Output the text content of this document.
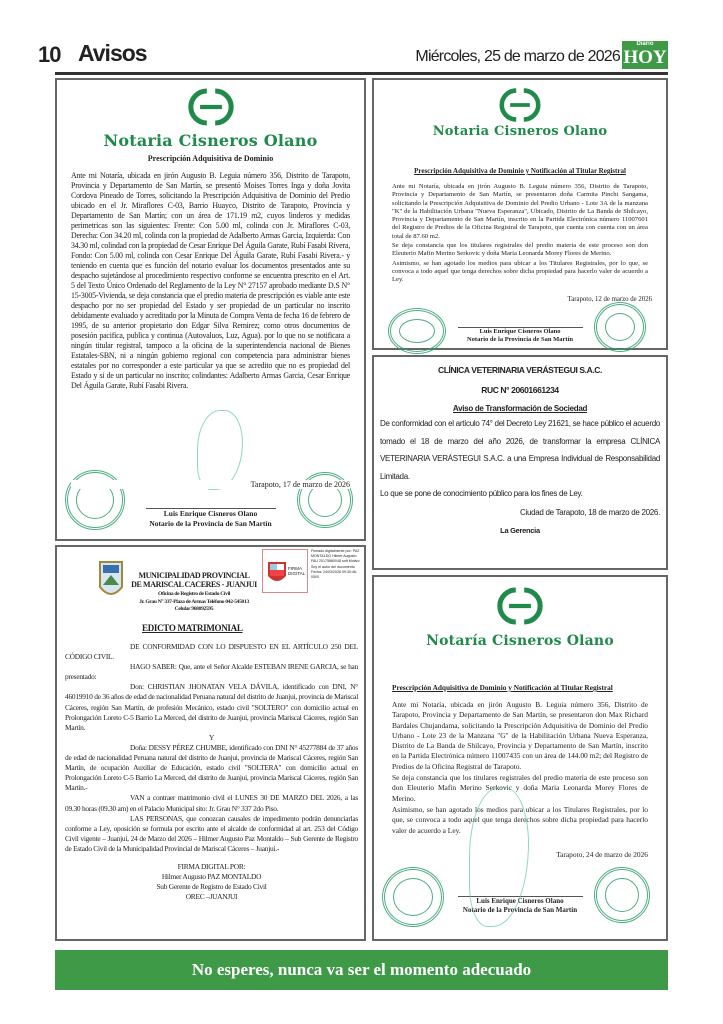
10 Avisos	Miércoles, 25 de marzo de 2026
Diario
HOY
Notaria Cisneros Olano
Prescripción Adquisitiva de Dominio
Ante mi Notaría, ubicada en jirón Augusto B. Leguia número 356, Distrito de Tarapoto, Provincia y Departamento de San Martín, se presentó Moises Torres Inga y doña Jovita Cordova Pineado de Torres, solicitando la Prescripción Adquisitiva de Dominio del Predio ubicado en el Jr. Miraflores C-03, Barrio Huayco, Distrito de Tarapoto, Provincia y Departamento de San Martín; con un área de 171.19 m2, cuyos linderos y medidas perimetricas son las siguientes: Frente: Con 5.00 ml, colinda con Jr. Miraflores C-03, Derecha: Con 34.20 ml, colinda con la propiedad de Adalberto Armas Garcia, Izquierda: Con 34.30 ml, colindad con la propiedad de Cesar Enrique Del Águila Garate, Rubí Fasabi Rivera, Fondo: Con 5.00 ml, colinda con Cesar Enrique Del Águila Garate, Rubí Fasabi Rivera.- y teniendo en cuenta que es función del notario evaluar los documentos presentados ante su despacho sujetándose al procedimiento respectivo conforme se encuentra prescrito en el Art. 5 del Texto Único Ordenado del Reglamento de la Ley N° 27157 aprobado mediante D.S N° 15-3005-Vivienda, se deja constancia que el predio materia de prescripción es viable ante este despacho por no ser propiedad del Estado y ser propiedad de un particular no inscrito debidamente evaluado y acreditado por la Minuta de Compra Venta de fecha 16 de febrero de 1995, de su anterior propietario don Edgar Silva Remirez; como otros documentos de posesión pacifica, publica y continua (Autovaluos, Luz, Agua). por lo que no se notificara a ningún titular registral, tampoco a la oficina de la superintendencia nacional de Bienes Estatales-SBN, ni a ningún gobierno regional con competencia para administrar bienes estatales por no corresponder a este particular ya que se acredito que no es propiedad del Estado y si de un particular no inscrito; colindantes: Adalberto Armas Garcia, Cesar Enrique Del Águila Garate, Rubí Fasabi Rivera.
Tarapoto, 17 de marzo de 2026
Luis Enrique Cisneros Olano
Notario de la Provincia de San Martín
Notaria Cisneros Olano
Prescripción Adquisitiva de Dominio y Notificación al Titular Registral

Ante mi Notaría, ubicada en jirón Augusto B. Leguia número 356, Distrito de Tarapoto, Provincia y Departamento de San Martín, se presentaron doña Carmita Pinchi Sangama, solicitando la Prescripción Adquisitiva de Dominio del Predio Urbano - Lote 3A de la manzana "K" de la Habilitación Urbana "Nueva Esperanza", Ubicado, Distrito de La Banda de Shilcayo, Provincia y Departamento de San Martín, inscrito en la Partida Electrónica número 11007601 del Registro de Predios de la Oficina Registral de Tarapoto, que cuenta con cuenta con un área total de 87.60 m2.

Se deja constancia que los titulares registrales del predio materia de este proceso son don Eleuterio Mafin Merino Serkovic y doña Maria Leonarda Morey Flores de Merino.

Asimismo, se han agotado los medios para ubicar a los Titulares Registrales, por lo que, se convoca a todo aquel que tenga derechos sobre dicha propiedad para hacerlo valer de acuerdo a Ley.

Tarapoto, 12 de marzo de 2026
Luis Enrique Cisneros Olano
Notario de la Provincia de San Martín
CLÍNICA VETERINARIA VERÁSTEGUI S.A.C.
RUC N° 20601661234
Aviso de Transformación de Sociedad
De conformidad con el artículo 74° del Decreto Ley 21621, se hace público el acuerdo tomado el 18 de marzo del año 2026, de transformar la empresa CLÍNICA VETERINARIA VERÁSTEGUI S.A.C. a una Empresa Individual de Responsabilidad Limitada.
Lo que se pone de conocimiento público para los fines de Ley.
Ciudad de Tarapoto, 18 de marzo de 2026.
La Gerencia
MUNICIPALIDAD PROVINCIAL
DE MARISCAL CACERES - JUANJUI
Oficina de Registro de Estado Civil
Jr. Grau N° 337-Plaza de Armas Teléfono 042-545013
Celular 968092595
FIRMA DIGITAL
Firmado digitalmente por: PAZ MONTALDO Hilmer Augusto FAU 20175880048 soft Motivo: Soy el autor del documento Fecha: 24/03/2026 09:30:46-0500
EDICTO MATRIMONIAL

DE CONFORMIDAD CON LO DISPUESTO EN EL ARTÍCULO 250 DEL CÓDIGO CIVIL.

HAGO SABER: Que, ante el Señor Alcalde ESTEBAN IRENE GARCIA, se han presentado:

Don: CHRISTIAN JHONATAN VELA DÁVILA, identificado con DNI, N° 46019910 de 36 años de edad de nacionalidad Peruana natural del distrito de Juanjui, provincia de Mariscal Cáceres, región San Martín, de profesión Mecánico, estado civil "SOLTERO" con domicilio actual en Prolongación Loreto C-5 Barrio La Merced, del distrito de Juanjui, provincia Mariscal Cáceres, región San Martín.

Y

Doña: DESSY PÉREZ CHUMBE, identificado con DNI N° 45277884 de 37 años de edad de nacionalidad Peruana natural del distrito de Juanjui, provincia de Mariscal Cáceres, región San Martín, de ocupación Auxiliar de Educación, estado civil "SOLTERA" con domicilio actual en Prolongación Loreto C-5 Barrio La Merced, del distrito de Juanjui, provincia Mariscal Cáceres, región San Martín.-

VAN a contraer matrimonio civil el LUNES 30 DE MARZO DEL 2026, a las 09.30 horas (09.30 am) en el Palacio Municipal sito: Jr. Grau N° 337 2do Piso.

LAS PERSONAS, que conozcan causales de impedimento podrán denunciarlas conforme a Ley, oposición se formula por escrito ante el alcalde de conformidad al art. 253 del Código Civil vigente – Juanjui, 24 de Marzo del 2026 – Hilmer Augusto Paz Montaldo – Sub Gerente de Registro de Estado Civil de la Municipalidad Provincial de Mariscal Cáceres – Juanjui.-

FIRMA DIGITAL POR:
Hilmer Augusto PAZ MONTALDO
Sub Gerente de Registro de Estado Civil
OREC –JUANJUI
Notaría Cisneros Olano
Prescripción Adquisitiva de Dominio y Notificación al Titular Registral

Ante mi Notaría, ubicada en jirón Augusto B. Leguia número 356, Distrito de Tarapoto, Provincia y Departamento de San Martín, se presentaron don Max Richard Bardales Chujandama, solicitando la Prescripción Adquisitiva de Dominio del Predio Urbano - Lote 23 de la Manzana "G" de la Habilitación Urbana Nueva Esperanza, Distrito de La Banda de Shilcayo, Provincia y Departamento de San Martín, inscrito en la Partida Electrónica número 11007435 con un área de 144.00 m2; del Registro de Predios de la Oficina Registral de Tarapoto.

Se deja constancia que los titulares registrales del predio materia de este proceso son don Eleuterio Mafin Merino Serkovic y doña Maria Leonarda Morey Flores de Merino.

Asimismo, se han agotado los medios para ubicar a los Titulares Registrales, por lo que, se convoca a todo aquel que tenga derechos sobre dicha propiedad para hacerlo valer de acuerdo a Ley.

Tarapoto, 24 de marzo de 2026
Luis Enrique Cisneros Olano
Notario de la Provincia de San Martín
No esperes, nunca va ser el momento adecuado
